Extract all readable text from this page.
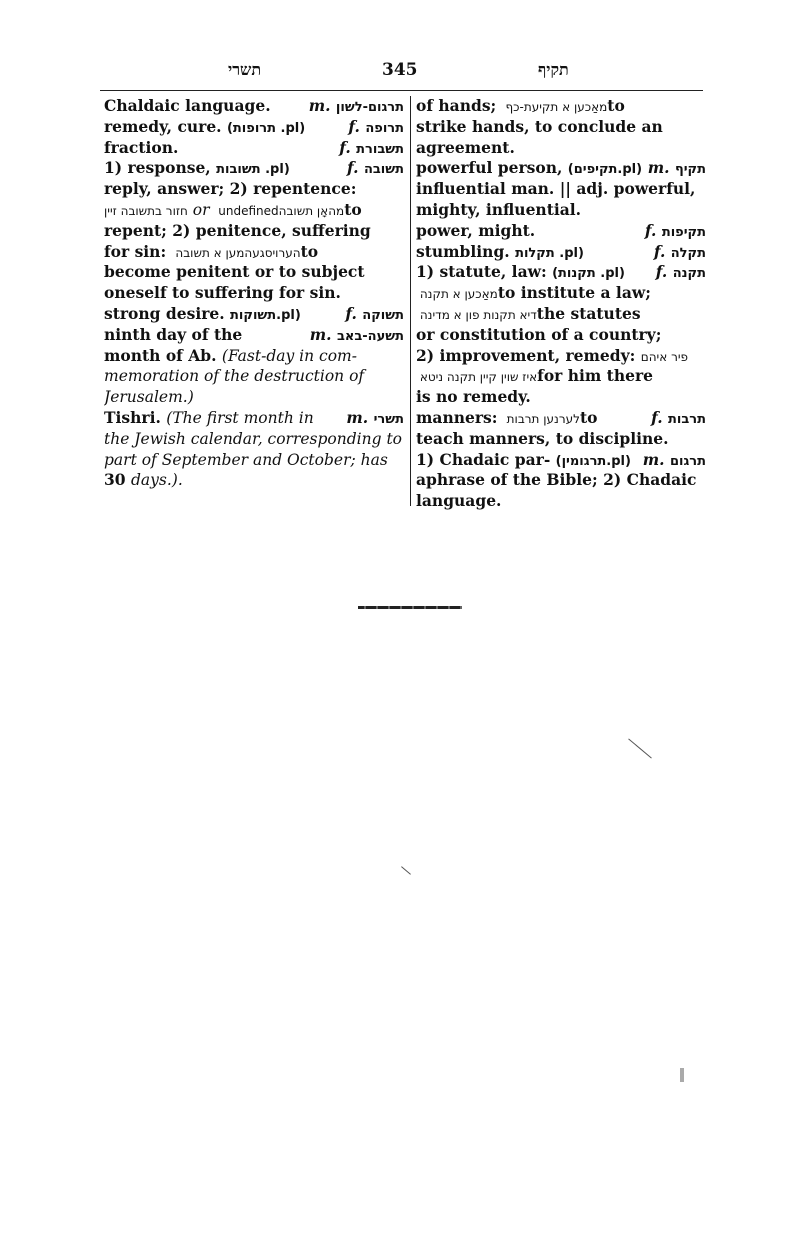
תשרי	345	תקיף
Chaldaic language. m. תרגום-לשון
remedy, cure. (pl. תרופות)	f. תרופה
fraction.	f. תשבורת
1) response, (pl. תשובות	f. תשובה
reply, answer; 2) repentence:
חזור בתשובה זיין or	מהאָן תשובהundefined	to
repent; 2) penitence, suffering
for sin: הערויסגעהמען א תשובה to
become penitent or to subject
oneself to suffering for sin.
strong desire. (pl.תשוקות	f. תשוקה
ninth day of the	m. תשעה-באב
month of Ab. (Fast-day in com-
memoration of the destruction of
Jerusalem.)
Tishri. (The first month in m. תשרי
the Jewish calendar, corresponding to
part of September and October; has
30 days.).
of hands; מאַכען א תקיעת-כף to
strike hands, to conclude an
agreement.
powerful person, (pl.תקיפים) m. תקיף
influential man. || adj. powerful,
mighty, influential.
power, might.	f. תקיפות
stumbling. (pl. תקלות	f. תקלה
1) statute, law: (pl. תקנות) f. תקנה
מאַכען א תקנה to institute a law;
דיא תקנות פון א מדינה the statutes
or constitution of a country;
2) improvement, remedy: פיר איהם
איז שוין קיין תקנה ניטא for him there
is no remedy.
manners: לערנען תרבות to	f. תרבות
teach manners, to discipline.
1) Chadaic par- (pl.תרגומין) m. תרגום
aphrase of the Bible; 2) Chadaic
language.
